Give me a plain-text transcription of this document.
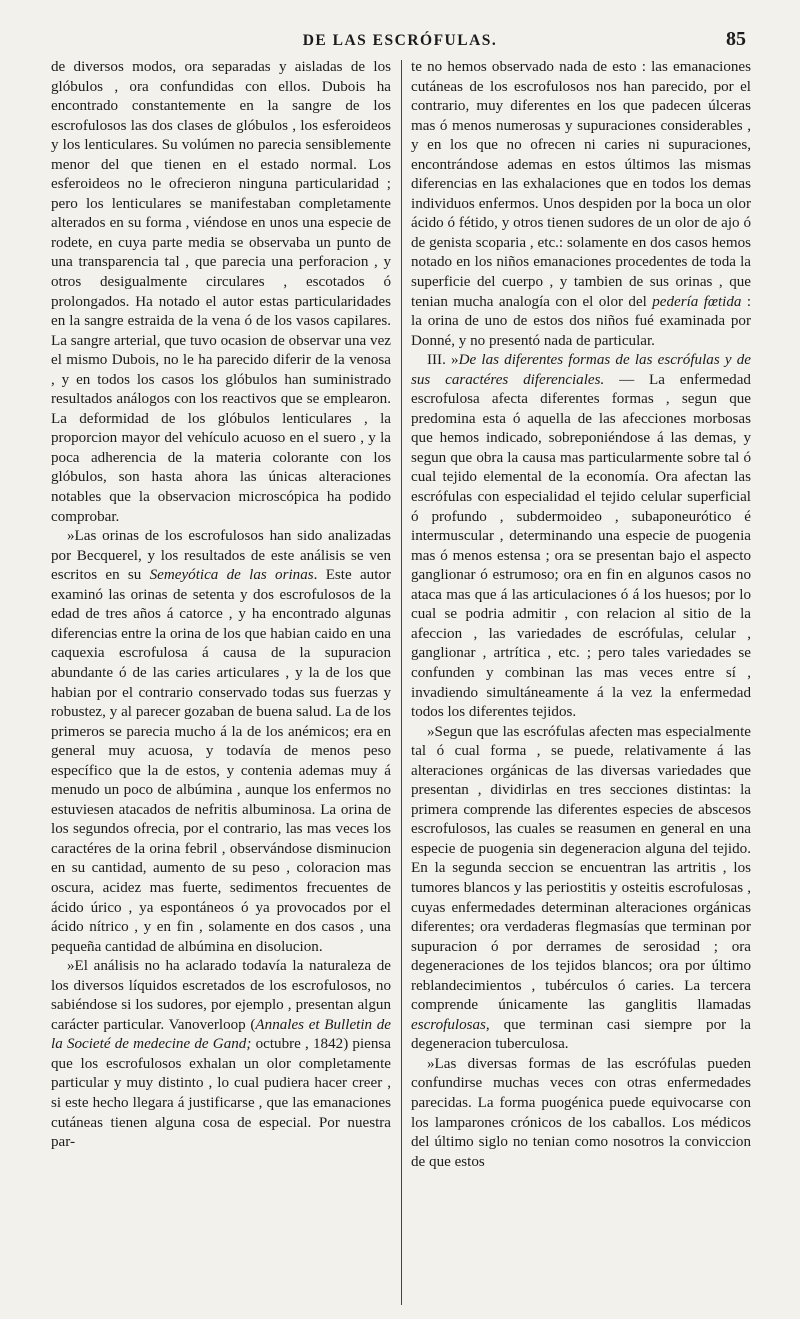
DE LAS ESCRÓFULAS.	85

de diversos modos, ora separadas y aisladas de los glóbulos , ora confundidas con ellos. Dubois ha encontrado constantemente en la sangre de los escrofulosos las dos clases de glóbulos , los esferoideos y los lenticulares. Su volúmen no parecia sensiblemente menor del que tienen en el estado normal. Los esferoideos no le ofrecieron ninguna particularidad ; pero los lenticulares se manifestaban completamente alterados en su forma , viéndose en unos una especie de rodete, en cuya parte media se observaba un punto de una transparencia tal , que parecia una perforacion , y otros desigualmente circulares , escotados ó prolongados. Ha notado el autor estas particularidades en la sangre estraida de la vena ó de los vasos capilares. La sangre arterial, que tuvo ocasion de observar una vez el mismo Dubois, no le ha parecido diferir de la venosa , y en todos los casos los glóbulos han suministrado resultados análogos con los reactivos que se emplearon. La deformidad de los glóbulos lenticulares , la proporcion mayor del vehículo acuoso en el suero , y la poca adherencia de la materia colorante con los glóbulos, son hasta ahora las únicas alteraciones notables que la observacion microscópica ha podido comprobar.

»Las orinas de los escrofulosos han sido analizadas por Becquerel, y los resultados de este análisis se ven escritos en su Semeyótica de las orinas. Este autor examinó las orinas de setenta y dos escrofulosos de la edad de tres años á catorce , y ha encontrado algunas diferencias entre la orina de los que habian caido en una caquexia escrofulosa á causa de la supuracion abundante ó de las caries articulares , y la de los que habian por el contrario conservado todas sus fuerzas y robustez, y al parecer gozaban de buena salud. La de los primeros se parecia mucho á la de los anémicos; era en general muy acuosa, y todavía de menos peso específico que la de estos, y contenia ademas muy á menudo un poco de albúmina , aunque los enfermos no estuviesen atacados de nefritis albuminosa. La orina de los segundos ofrecia, por el contrario, las mas veces los caractéres de la orina febril , observándose disminucion en su cantidad, aumento de su peso , coloracion mas oscura, acidez mas fuerte, sedimentos frecuentes de ácido úrico , ya espontáneos ó ya provocados por el ácido nítrico , y en fin , solamente en dos casos , una pequeña cantidad de albúmina en disolucion.

»El análisis no ha aclarado todavía la naturaleza de los diversos líquidos escretados de los escrofulosos, no sabiéndose si los sudores, por ejemplo , presentan algun carácter particular. Vanoverloop (Annales et Bulletin de la Societé de medecine de Gand; octubre , 1842) piensa que los escrofulosos exhalan un olor completamente particular y muy distinto , lo cual pudiera hacer creer , si este hecho llegara á justificarse , que las emanaciones cutáneas tienen alguna cosa de especial. Por nuestra par-

te no hemos observado nada de esto : las emanaciones cutáneas de los escrofulosos nos han parecido, por el contrario, muy diferentes en los que padecen úlceras mas ó menos numerosas y supuraciones considerables , y en los que no ofrecen ni caries ni supuraciones, encontrándose ademas en estos últimos las mismas diferencias en las exhalaciones que en todos los demas individuos enfermos. Unos despiden por la boca un olor ácido ó fétido, y otros tienen sudores de un olor de ajo ó de genista scoparia , etc.: solamente en dos casos hemos notado en los niños emanaciones procedentes de toda la superficie del cuerpo , y tambien de sus orinas , que tenian mucha analogía con el olor del pedería fœtida : la orina de uno de estos dos niños fué examinada por Donné, y no presentó nada de particular.

III. »De las diferentes formas de las escrófulas y de sus caractéres diferenciales. — La enfermedad escrofulosa afecta diferentes formas , segun que predomina esta ó aquella de las afecciones morbosas que hemos indicado, sobreponiéndose á las demas, y segun que obra la causa mas particularmente sobre tal ó cual tejido elemental de la economía. Ora afectan las escrófulas con especialidad el tejido celular superficial ó profundo , subdermoideo , subaponeurótico é intermuscular , determinando una especie de puogenia mas ó menos estensa ; ora se presentan bajo el aspecto ganglionar ó estrumoso; ora en fin en algunos casos no ataca mas que á las articulaciones ó á los huesos; por lo cual se podria admitir , con relacion al sitio de la afeccion , las variedades de escrófulas, celular , ganglionar , artrítica , etc. ; pero tales variedades se confunden y combinan las mas veces entre sí , invadiendo simultáneamente á la vez la enfermedad todos los diferentes tejidos.

»Segun que las escrófulas afecten mas especialmente tal ó cual forma , se puede, relativamente á las alteraciones orgánicas de las diversas variedades que presentan , dividirlas en tres secciones distintas: la primera comprende las diferentes especies de abscesos escrofulosos, las cuales se reasumen en general en una especie de puogenia sin degeneracion alguna del tejido. En la segunda seccion se encuentran las artritis , los tumores blancos y las periostitis y osteitis escrofulosas , cuyas enfermedades determinan alteraciones orgánicas diferentes; ora verdaderas flegmasías que terminan por supuracion ó por derrames de serosidad ; ora degeneraciones de los tejidos blancos; ora por último reblandecimientos , tubérculos ó caries. La tercera comprende únicamente las ganglitis llamadas escrofulosas, que terminan casi siempre por la degeneracion tuberculosa.

»Las diversas formas de las escrófulas pueden confundirse muchas veces con otras enfermedades parecidas. La forma puogénica puede equivocarse con los lamparones crónicos de los caballos. Los médicos del último siglo no tenian como nosotros la conviccion de que estos
